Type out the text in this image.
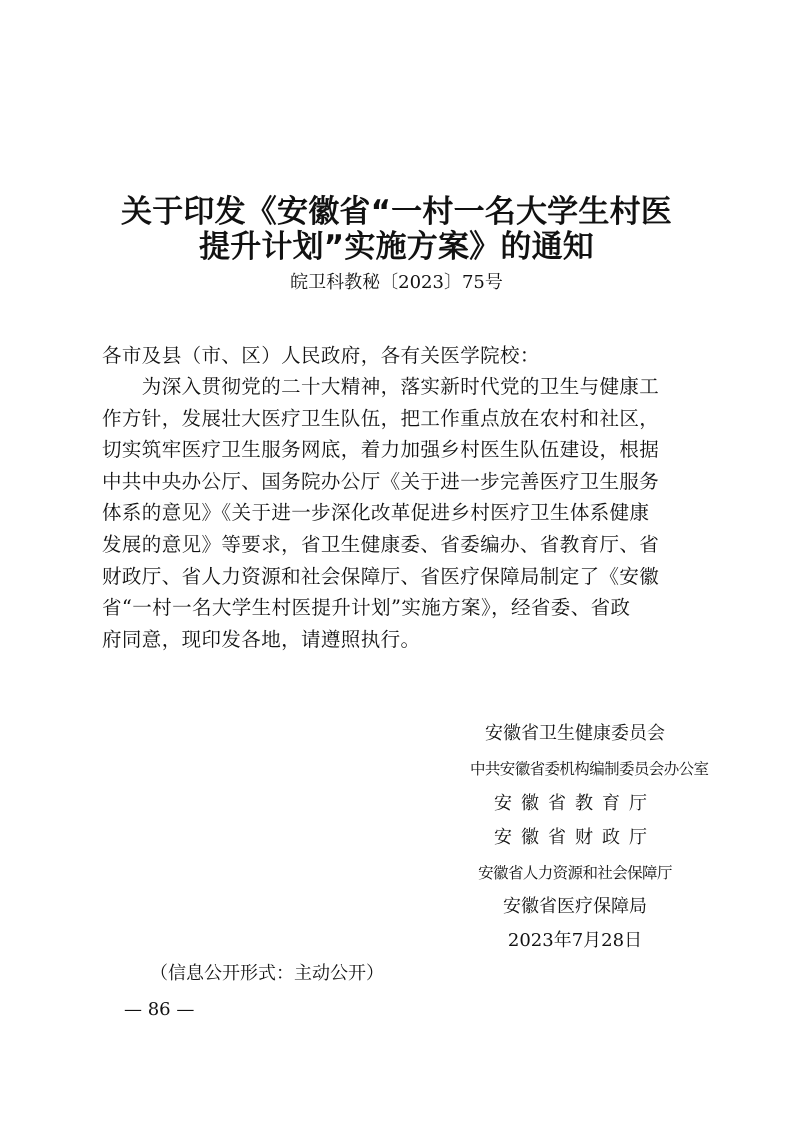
关于印发《安徽省“一村一名大学生村医
提升计划”实施方案》的通知
皖卫科教秘〔2023〕75号
各市及县（市、区）人民政府，各有关医学院校：
　　为深入贯彻党的二十大精神，落实新时代党的卫生与健康工
作方针，发展壮大医疗卫生队伍，把工作重点放在农村和社区，
切实筑牢医疗卫生服务网底，着力加强乡村医生队伍建设，根据
中共中央办公厅、国务院办公厅《关于进一步完善医疗卫生服务
体系的意见》《关于进一步深化改革促进乡村医疗卫生体系健康
发展的意见》等要求，省卫生健康委、省委编办、省教育厅、省
财政厅、省人力资源和社会保障厅、省医疗保障局制定了《安徽
省“一村一名大学生村医提升计划”实施方案》，经省委、省政
府同意，现印发各地，请遵照执行。
安徽省卫生健康委员会
中共安徽省委机构编制委员会办公室
安徽省教育厅
安徽省财政厅
安徽省人力资源和社会保障厅
安徽省医疗保障局
2023年7月28日
（信息公开形式：主动公开）
— 86 —
